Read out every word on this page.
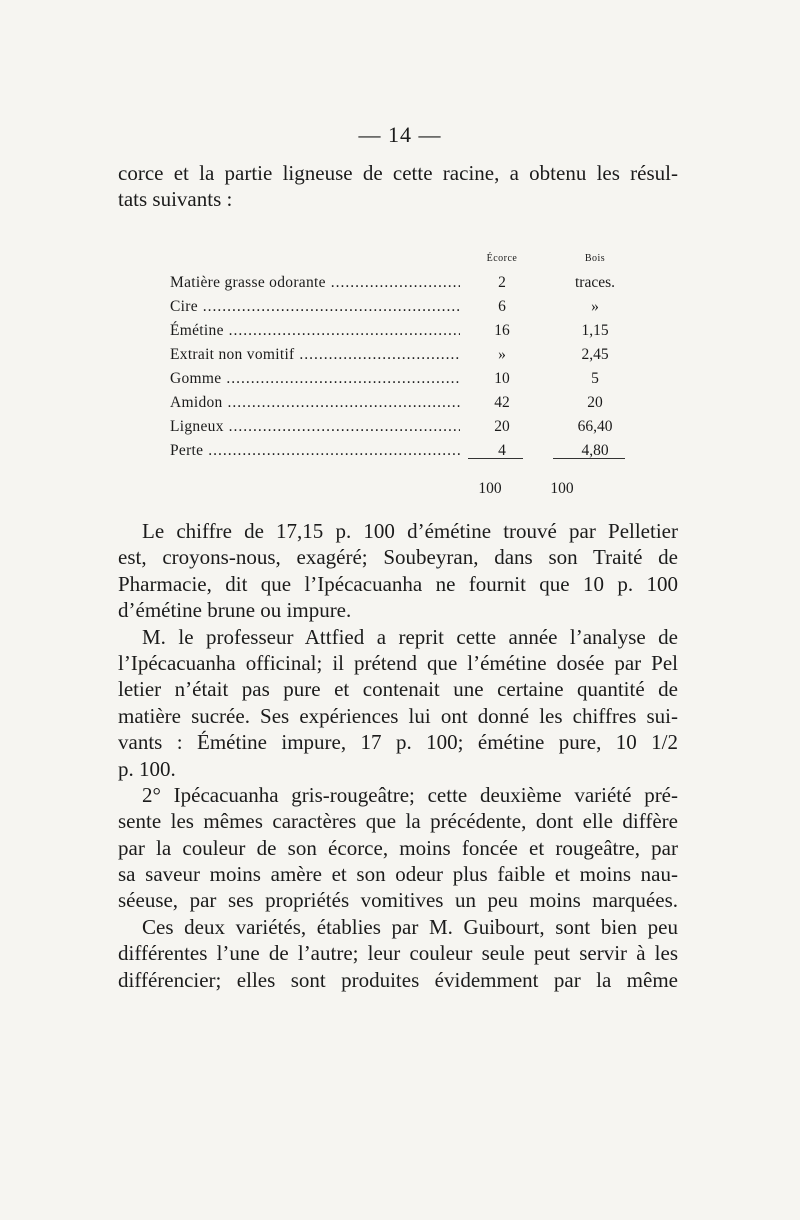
— 14 —
corce et la partie ligneuse de cette racine, a obtenu les résul-
tats suivants :
Écorce	Bois
Matière grasse odorante .....	2	traces.
Cire .....	6	»
Émétine .....	16	1,15
Extrait non vomitif .....	»	2,45
Gomme .....	10	5
Amidon .....	42	20
Ligneux .....	20	66,40
Perte .....	4	4,80
100	100
Le chiffre de 17,15 p. 100 d’émétine trouvé par Pelletier
est, croyons-nous, exagéré; Soubeyran, dans son Traité de
Pharmacie, dit que l’Ipécacuanha ne fournit que 10 p. 100
d’émétine brune ou impure.
M. le professeur Attfied a reprit cette année l’analyse de
l’Ipécacuanha officinal; il prétend que l’émétine dosée par Pel
letier n’était pas pure et contenait une certaine quantité de
matière sucrée. Ses expériences lui ont donné les chiffres sui-
vants : Émétine impure, 17 p. 100; émétine pure, 10 1/2
p. 100.
2° Ipécacuanha gris-rougeâtre; cette deuxième variété pré-
sente les mêmes caractères que la précédente, dont elle diffère
par la couleur de son écorce, moins foncée et rougeâtre, par
sa saveur moins amère et son odeur plus faible et moins nau-
séeuse, par ses propriétés vomitives un peu moins marquées.
Ces deux variétés, établies par M. Guibourt, sont bien peu
différentes l’une de l’autre; leur couleur seule peut servir à les
différencier; elles sont produites évidemment par la même
